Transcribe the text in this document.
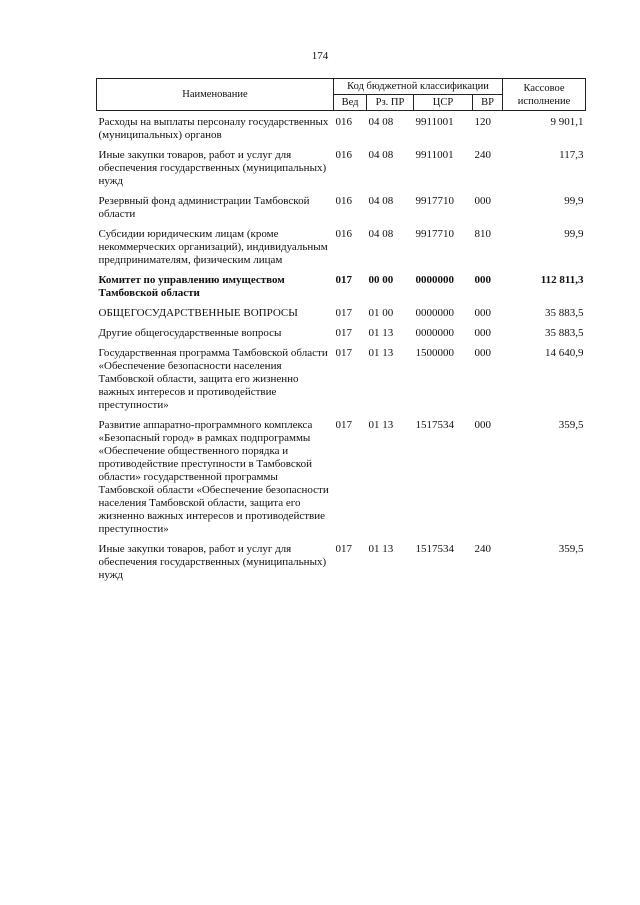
174
Наименование	Код бюджетной классификации				Кассовое исполнение
	Вед	Рз. ПР	ЦСР	ВР	
Расходы на выплаты персоналу государственных (муниципальных) органов	016	04 08	9911001	120	9 901,1
Иные закупки товаров, работ и услуг для обеспечения государственных (муниципальных) нужд	016	04 08	9911001	240	117,3
Резервный фонд администрации Тамбовской области	016	04 08	9917710	000	99,9
Субсидии юридическим лицам (кроме некоммерческих организаций), индивидуальным предпринимателям, физическим лицам	016	04 08	9917710	810	99,9
Комитет по управлению имуществом Тамбовской области	017	00 00	0000000	000	112 811,3
ОБЩЕГОСУДАРСТВЕННЫЕ ВОПРОСЫ	017	01 00	0000000	000	35 883,5
Другие общегосударственные вопросы	017	01 13	0000000	000	35 883,5
Государственная программа Тамбовской области «Обеспечение безопасности населения Тамбовской области, защита его жизненно важных интересов и противодействие преступности»	017	01 13	1500000	000	14 640,9
Развитие аппаратно-программного комплекса «Безопасный город» в рамках подпрограммы «Обеспечение общественного порядка и противодействие преступности в Тамбовской области» государственной программы Тамбовской области «Обеспечение безопасности населения Тамбовской области, защита его жизненно важных интересов и противодействие преступности»	017	01 13	1517534	000	359,5
Иные закупки товаров, работ и услуг для обеспечения государственных (муниципальных) нужд	017	01 13	1517534	240	359,5
